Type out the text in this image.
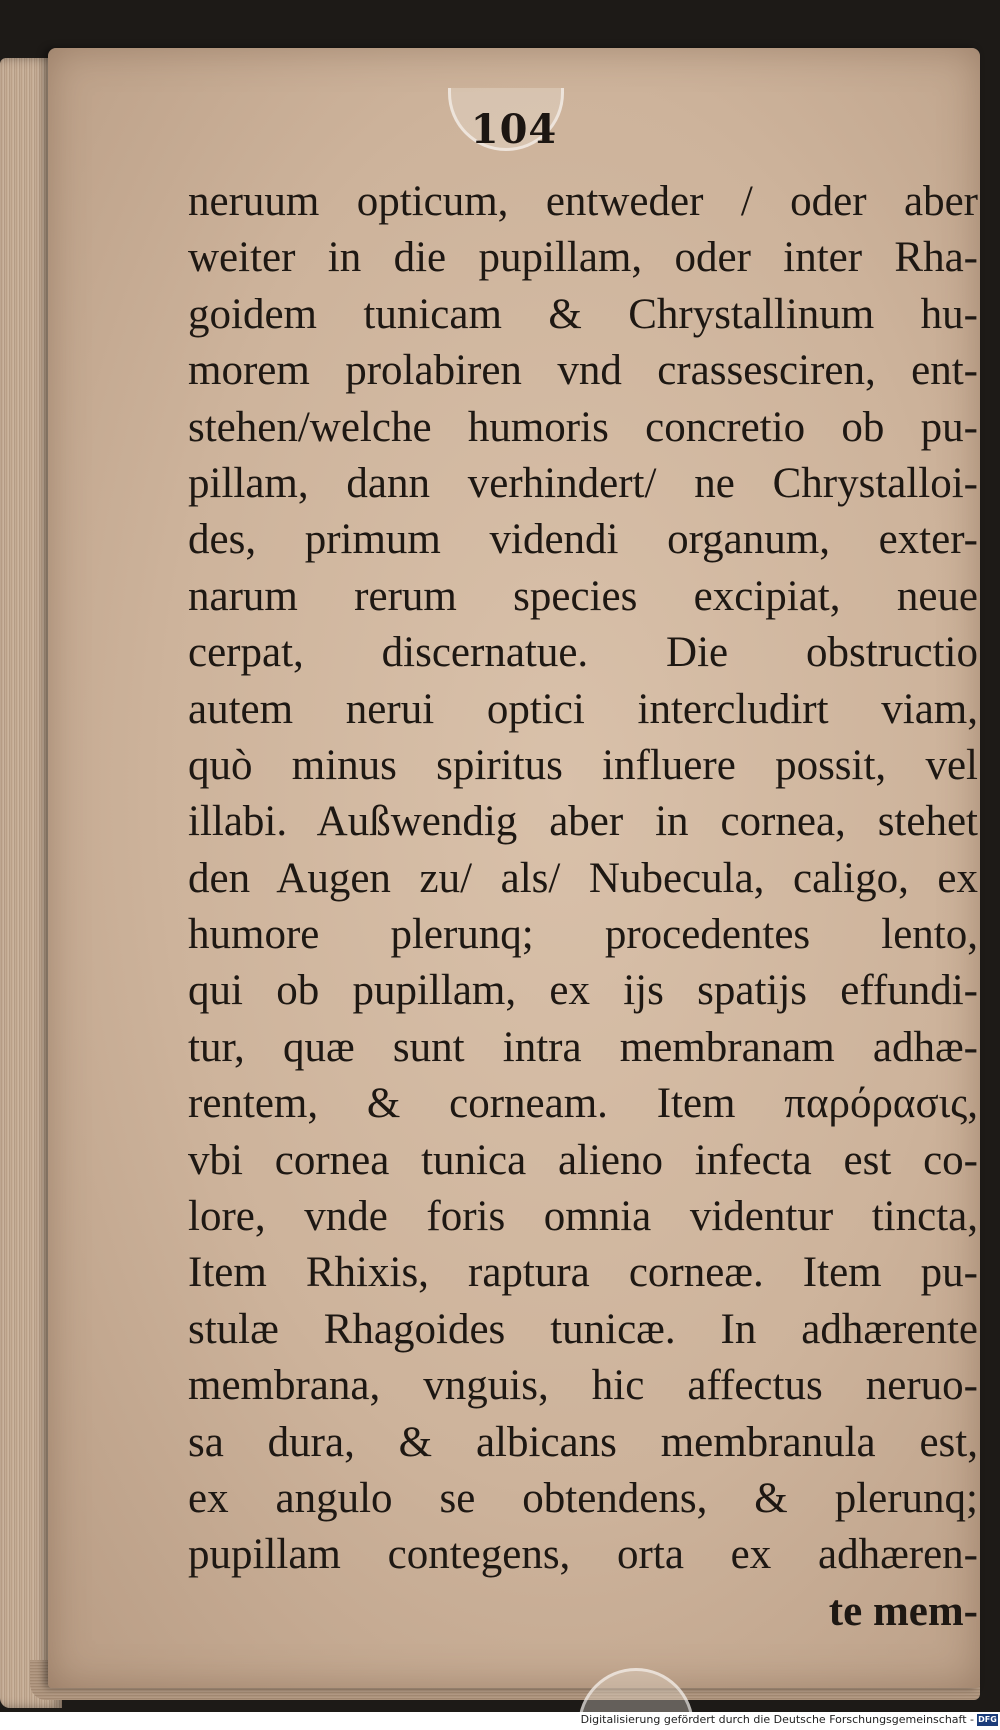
104
neruum opticum, entweder / oder aber
weiter in die pupillam, oder inter Rha-
goidem tunicam & Chrystallinum hu-
morem prolabiren vnd crassesciren, ent-
stehen/welche humoris concretio ob pu-
pillam, dann verhindert/ ne Chrystalloi-
des, primum videndi organum, exter-
narum rerum species excipiat, neue
cerpat, discernatue. Die obstructio
autem nerui optici intercludirt viam,
quò minus spiritus influere possit, vel
illabi. Außwendig aber in cornea, stehet
den Augen zu/ als/ Nubecula, caligo, ex
humore plerunq; procedentes lento,
qui ob pupillam, ex ijs spatijs effundi-
tur, quæ sunt intra membranam adhæ-
rentem, & corneam. Item παρόρασις,
vbi cornea tunica alieno infecta est co-
lore, vnde foris omnia videntur tincta,
Item Rhixis, raptura corneæ. Item pu-
stulæ Rhagoides tunicæ. In adhærente
membrana, vnguis, hic affectus neruo-
sa dura, & albicans membranula est,
ex angulo se obtendens, & plerunq;
pupillam contegens, orta ex adhæren-
te mem-
Digitalisierung gefördert durch die Deutsche Forschungsgemeinschaft - DFG
